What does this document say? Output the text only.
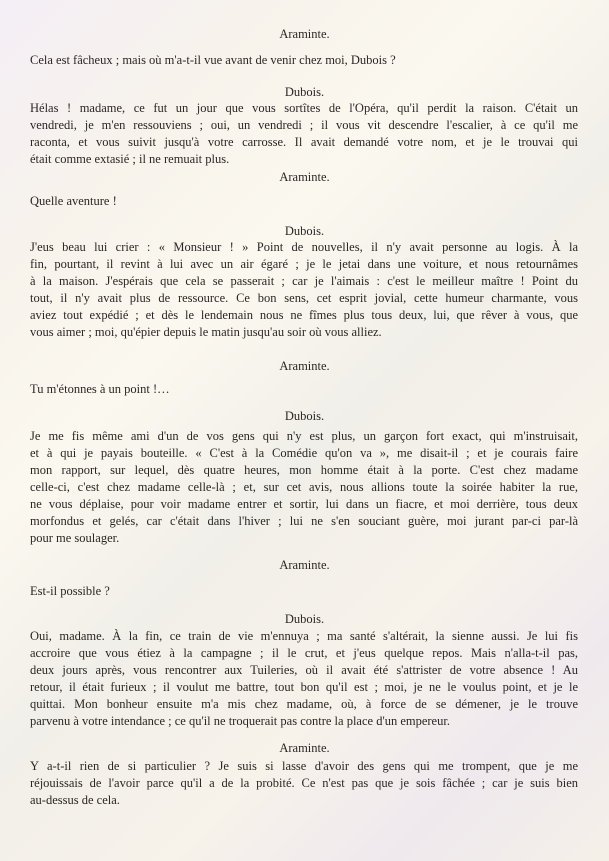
Araminte.
Cela est fâcheux ; mais où m'a-t-il vue avant de venir chez moi, Dubois ?
Dubois.
Hélas ! madame, ce fut un jour que vous sortîtes de l'Opéra, qu'il perdit la raison. C'était un
vendredi, je m'en ressouviens ; oui, un vendredi ; il vous vit descendre l'escalier, à ce qu'il me
raconta, et vous suivit jusqu'à votre carrosse. Il avait demandé votre nom, et je le trouvai qui
était comme extasié ; il ne remuait plus.
Araminte.
Quelle aventure !
Dubois.
J'eus beau lui crier : « Monsieur ! » Point de nouvelles, il n'y avait personne au logis. À la
fin, pourtant, il revint à lui avec un air égaré ; je le jetai dans une voiture, et nous retournâmes
à la maison. J'espérais que cela se passerait ; car je l'aimais : c'est le meilleur maître ! Point du
tout, il n'y avait plus de ressource. Ce bon sens, cet esprit jovial, cette humeur charmante, vous
aviez tout expédié ; et dès le lendemain nous ne fîmes plus tous deux, lui, que rêver à vous, que
vous aimer ; moi, qu'épier depuis le matin jusqu'au soir où vous alliez.
Araminte.
Tu m'étonnes à un point !…
Dubois.
Je me fis même ami d'un de vos gens qui n'y est plus, un garçon fort exact, qui m'instruisait,
et à qui je payais bouteille. « C'est à la Comédie qu'on va », me disait-il ; et je courais faire
mon rapport, sur lequel, dès quatre heures, mon homme était à la porte. C'est chez madame
celle-ci, c'est chez madame celle-là ; et, sur cet avis, nous allions toute la soirée habiter la rue,
ne vous déplaise, pour voir madame entrer et sortir, lui dans un fiacre, et moi derrière, tous deux
morfondus et gelés, car c'était dans l'hiver ; lui ne s'en souciant guère, moi jurant par-ci par-là
pour me soulager.
Araminte.
Est-il possible ?
Dubois.
Oui, madame. À la fin, ce train de vie m'ennuya ; ma santé s'altérait, la sienne aussi. Je lui fis
accroire que vous étiez à la campagne ; il le crut, et j'eus quelque repos. Mais n'alla-t-il pas,
deux jours après, vous rencontrer aux Tuileries, où il avait été s'attrister de votre absence ! Au
retour, il était furieux ; il voulut me battre, tout bon qu'il est ; moi, je ne le voulus point, et je le
quittai. Mon bonheur ensuite m'a mis chez madame, où, à force de se démener, je le trouve
parvenu à votre intendance ; ce qu'il ne troquerait pas contre la place d'un empereur.
Araminte.
Y a-t-il rien de si particulier ? Je suis si lasse d'avoir des gens qui me trompent, que je me
réjouissais de l'avoir parce qu'il a de la probité. Ce n'est pas que je sois fâchée ; car je suis bien
au-dessus de cela.
